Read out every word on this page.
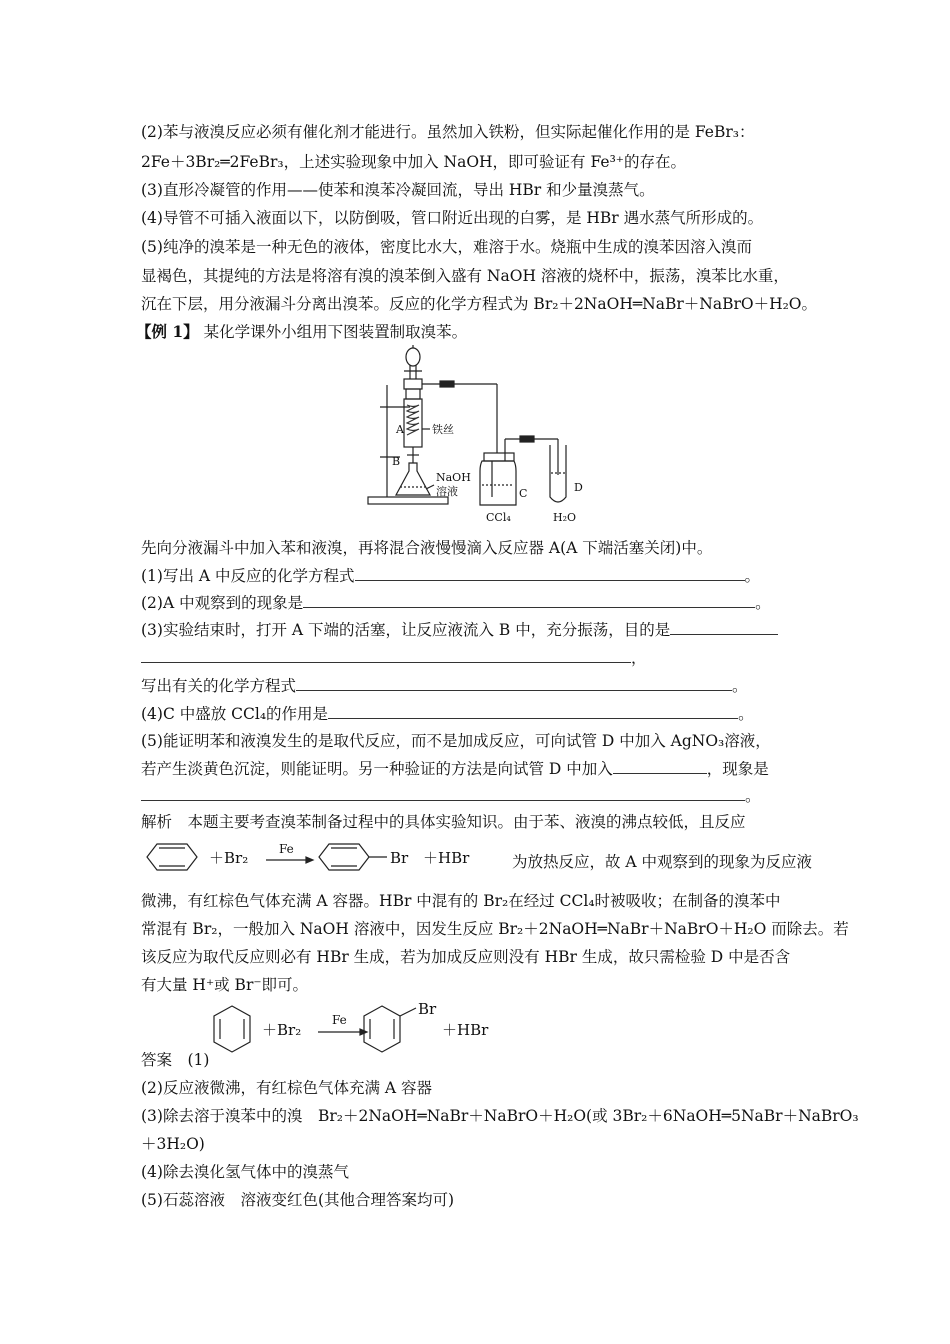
(2)苯与液溴反应必须有催化剂才能进行。虽然加入铁粉，但实际起催化作用的是 FeBr₃：
2Fe＋3Br₂═2FeBr₃，上述实验现象中加入 NaOH，即可验证有 Fe³⁺的存在。
(3)直形冷凝管的作用——使苯和溴苯冷凝回流，导出 HBr 和少量溴蒸气。
(4)导管不可插入液面以下，以防倒吸，管口附近出现的白雾，是 HBr 遇水蒸气所形成的。
(5)纯净的溴苯是一种无色的液体，密度比水大，难溶于水。烧瓶中生成的溴苯因溶入溴而
显褐色，其提纯的方法是将溶有溴的溴苯倒入盛有 NaOH 溶液的烧杯中，振荡，溴苯比水重，
沉在下层，用分液漏斗分离出溴苯。反应的化学方程式为 Br₂＋2NaOH═NaBr＋NaBrO＋H₂O。
【例 1】 某化学课外小组用下图装置制取溴苯。
A	铁丝
B
NaOH
溶液	C
CCl₄
D
H₂O
先向分液漏斗中加入苯和液溴，再将混合液慢慢滴入反应器 A(A 下端活塞关闭)中。
(1)写出 A 中反应的化学方程式	。
(2)A 中观察到的现象是	。
(3)实验结束时，打开 A 下端的活塞，让反应液流入 B 中，充分振荡，目的是
，
写出有关的化学方程式	。
(4)C 中盛放 CCl₄的作用是	。
(5)能证明苯和液溴发生的是取代反应，而不是加成反应，可向试管 D 中加入 AgNO₃溶液，
若产生淡黄色沉淀，则能证明。另一种验证的方法是向试管 D 中加入	，现象是
。
解析　本题主要考查溴苯制备过程中的具体实验知识。由于苯、液溴的沸点较低，且反应
＋Br₂	Fe	Br ＋HBr	为放热反应，故 A 中观察到的现象为反应液
微沸，有红棕色气体充满 A 容器。HBr 中混有的 Br₂在经过 CCl₄时被吸收；在制备的溴苯中
常混有 Br₂，一般加入 NaOH 溶液中，因发生反应 Br₂＋2NaOH═NaBr＋NaBrO＋H₂O 而除去。若
该反应为取代反应则必有 HBr 生成，若为加成反应则没有 HBr 生成，故只需检验 D 中是否含
有大量 H⁺或 Br⁻即可。
＋Br₂
Fe
Br
＋HBr
答案　(1)
(2)反应液微沸，有红棕色气体充满 A 容器
(3)除去溶于溴苯中的溴　Br₂＋2NaOH═NaBr＋NaBrO＋H₂O(或 3Br₂＋6NaOH═5NaBr＋NaBrO₃
＋3H₂O)
(4)除去溴化氢气体中的溴蒸气
(5)石蕊溶液　溶液变红色(其他合理答案均可)
